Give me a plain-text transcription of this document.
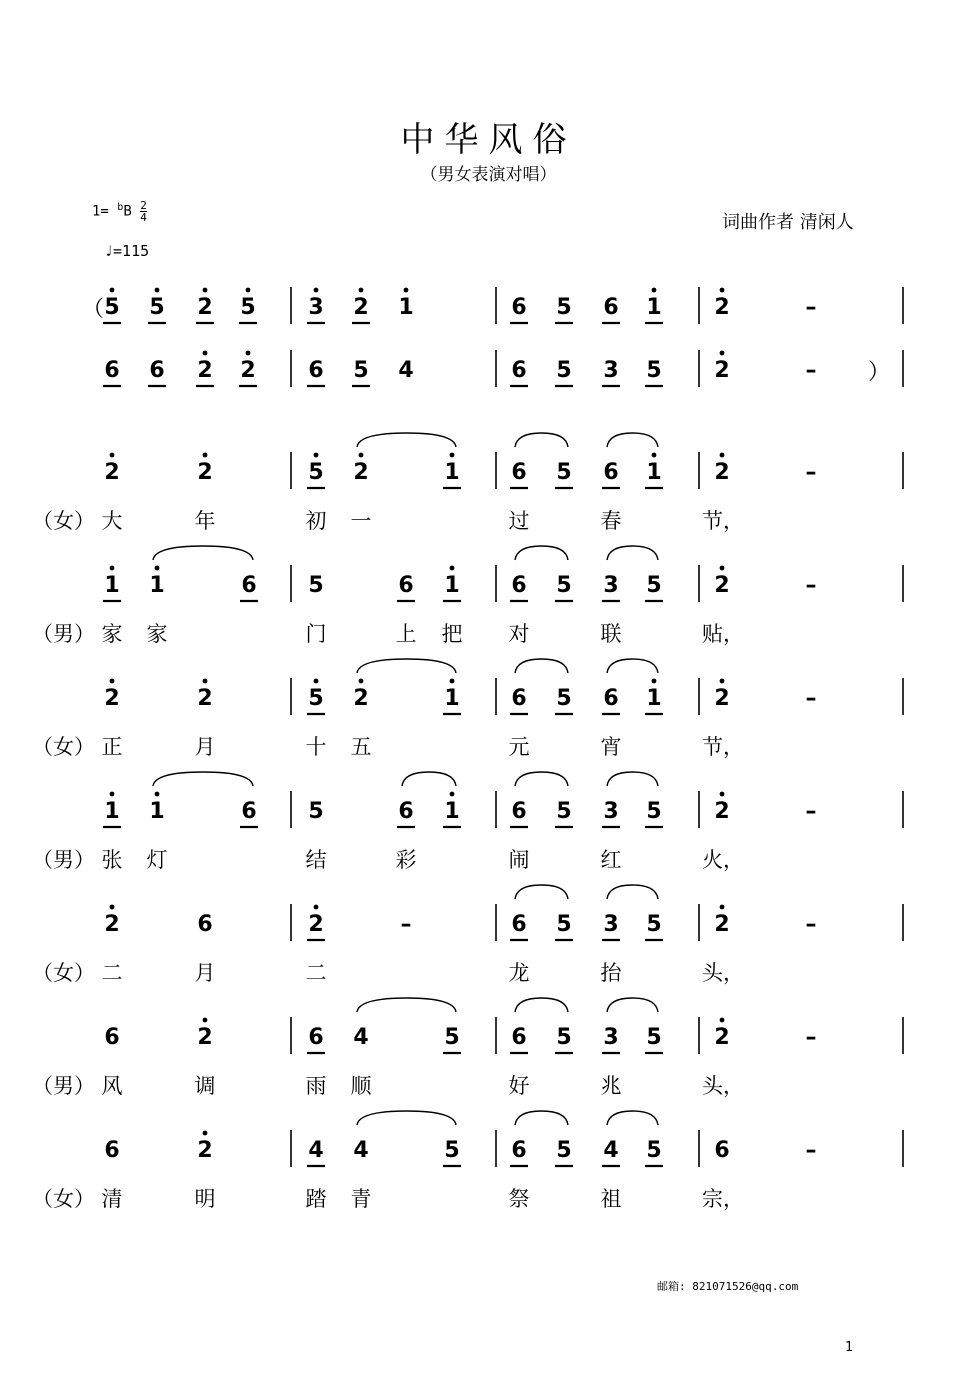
中华风俗
（男女表演对唱）
$1= ^bB \frac{2}{4}$
♩=115
词曲作者 清闲人
5 5 2 5 3 2 1	6 5 6 1 2	–
6 6 2 2 6 5 4	6 5 3 5 2	–
（
）
2	2	5 2	1 6 5 6 1 2	–
（女） 大	年	初	一	过	春	节，
1 1	6 5	6 1 6 5 3 5 2	–
（男） 家	家	门	上	把	对	联	贴，
2	2	5 2	1 6 5 6 1 2	–
（女） 正	月	十	五	元	宵	节，
1 1	6 5	6 1 6 5 3 5 2	–
（男） 张	灯	结	彩	闹	红	火，
2	6	2	–	6 5 3 5 2	–
（女） 二	月	二	龙	抬	头，
6	2	6 4	5 6 5 3 5 2	–
（男） 风	调	雨	顺	好	兆	头，
6	2	4 4	5 6 5 4 5 6	–
（女） 清	明	踏	青	祭	祖	宗，
邮箱: 821071526@qq.com
1
